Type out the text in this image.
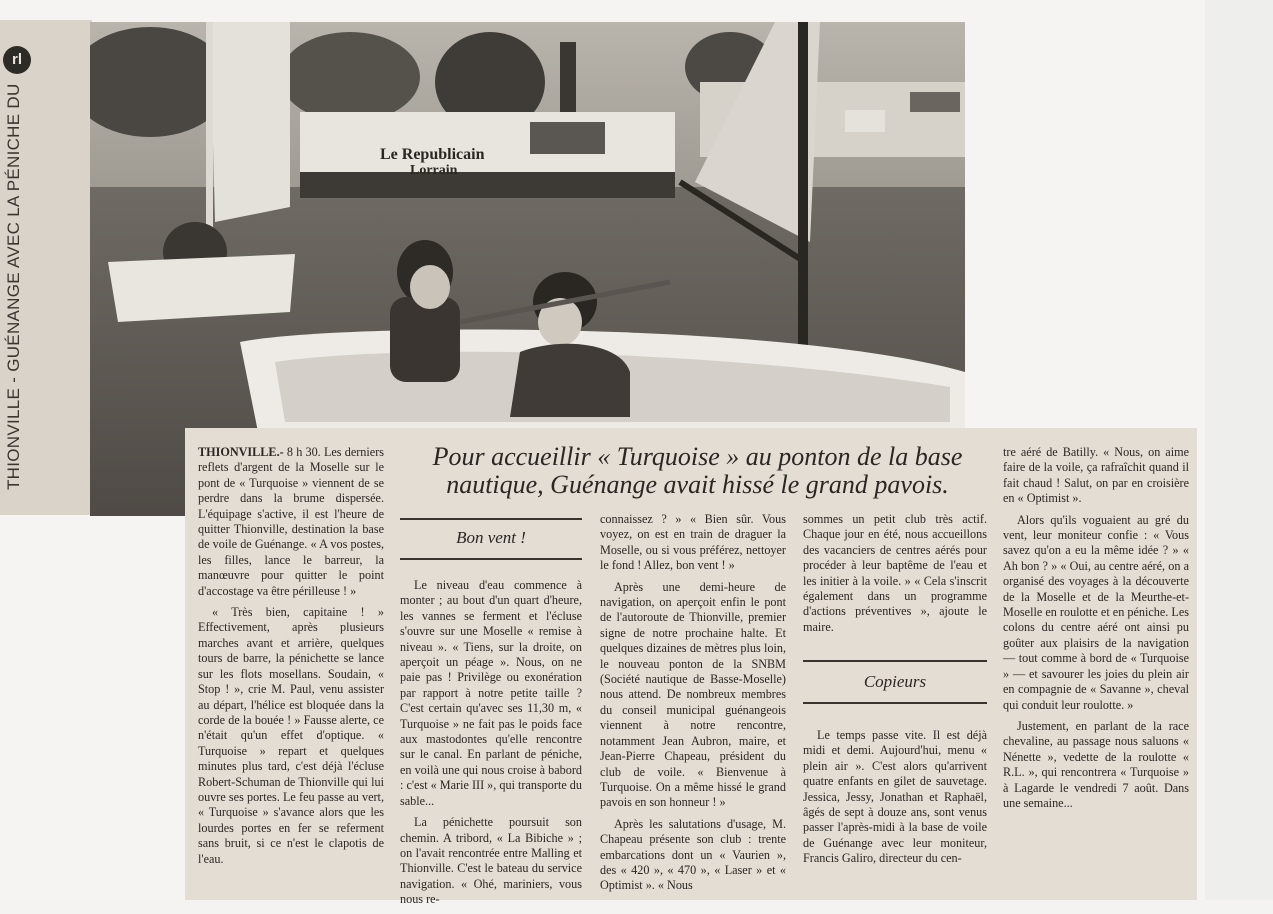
rl
THIONVILLE - GUÉNANGE AVEC LA PÉNICHE DU	Le Republicain
Lorrain
Pour accueillir « Turquoise » au ponton de la base nautique, Guénange avait hissé le grand pavois.

THIONVILLE.- 8 h 30. Les derniers reflets d'argent de la Moselle sur le pont de « Turquoise » viennent de se perdre dans la brume dispersée. L'équipage s'active, il est l'heure de quitter Thionville, destination la base de voile de Guénange. « A vos postes, les filles, lance le barreur, la manœuvre pour quitter le point d'accostage va être périlleuse ! »

« Très bien, capitaine ! » Effectivement, après plusieurs marches avant et arrière, quelques tours de barre, la pénichette se lance sur les flots mosellans. Soudain, « Stop ! », crie M. Paul, venu assister au départ, l'hélice est bloquée dans la corde de la bouée ! » Fausse alerte, ce n'était qu'un effet d'optique. « Turquoise » repart et quelques minutes plus tard, c'est déjà l'écluse Robert-Schuman de Thionville qui lui ouvre ses portes. Le feu passe au vert, « Turquoise » s'avance alors que les lourdes portes en fer se referment sans bruit, si ce n'est le clapotis de l'eau.

Bon vent !

Le niveau d'eau commence à monter ; au bout d'un quart d'heure, les vannes se ferment et l'écluse s'ouvre sur une Moselle « remise à niveau ». « Tiens, sur la droite, on aperçoit un péage ». Nous, on ne paie pas ! Privilège ou exonération par rapport à notre petite taille ? C'est certain qu'avec ses 11,30 m, « Turquoise » ne fait pas le poids face aux mastodontes qu'elle rencontre sur le canal. En parlant de péniche, en voilà une qui nous croise à babord : c'est « Marie III », qui transporte du sable...

La pénichette poursuit son chemin. A tribord, « La Bibiche » ; on l'avait rencontrée entre Malling et Thionville. C'est le bateau du service navigation. « Ohé, mariniers, vous nous re-

connaissez ? » « Bien sûr. Vous voyez, on est en train de draguer la Moselle, ou si vous préférez, nettoyer le fond ! Allez, bon vent ! »

Après une demi-heure de navigation, on aperçoit enfin le pont de l'autoroute de Thionville, premier signe de notre prochaine halte. Et quelques dizaines de mètres plus loin, le nouveau ponton de la SNBM (Société nautique de Basse-Moselle) nous attend. De nombreux membres du conseil municipal guénangeois viennent à notre rencontre, notamment Jean Aubron, maire, et Jean-Pierre Chapeau, président du club de voile. « Bienvenue à Turquoise. On a même hissé le grand pavois en son honneur ! »

Après les salutations d'usage, M. Chapeau présente son club : trente embarcations dont un « Vaurien », des « 420 », « 470 », « Laser » et « Optimist ». « Nous

sommes un petit club très actif. Chaque jour en été, nous accueillons des vacanciers de centres aérés pour procéder à leur baptême de l'eau et les initier à la voile. » « Cela s'inscrit également dans un programme d'actions préventives », ajoute le maire.

Copieurs

Le temps passe vite. Il est déjà midi et demi. Aujourd'hui, menu « plein air ». C'est alors qu'arrivent quatre enfants en gilet de sauvetage. Jessica, Jessy, Jonathan et Raphaël, âgés de sept à douze ans, sont venus passer l'après-midi à la base de voile de Guénange avec leur moniteur, Francis Galiro, directeur du cen-

tre aéré de Batilly. « Nous, on aime faire de la voile, ça rafraîchit quand il fait chaud ! Salut, on par en croisière en « Optimist ».

Alors qu'ils voguaient au gré du vent, leur moniteur confie : « Vous savez qu'on a eu la même idée ? » « Ah bon ? » « Oui, au centre aéré, on a organisé des voyages à la découverte de la Moselle et de la Meurthe-et-Moselle en roulotte et en péniche. Les colons du centre aéré ont ainsi pu goûter aux plaisirs de la navigation — tout comme à bord de « Turquoise » — et savourer les joies du plein air en compagnie de « Savanne », cheval qui conduit leur roulotte. »

Justement, en parlant de la race chevaline, au passage nous saluons « Nénette », vedette de la roulotte « R.L. », qui rencontrera « Turquoise » à Lagarde le vendredi 7 août. Dans une semaine...
